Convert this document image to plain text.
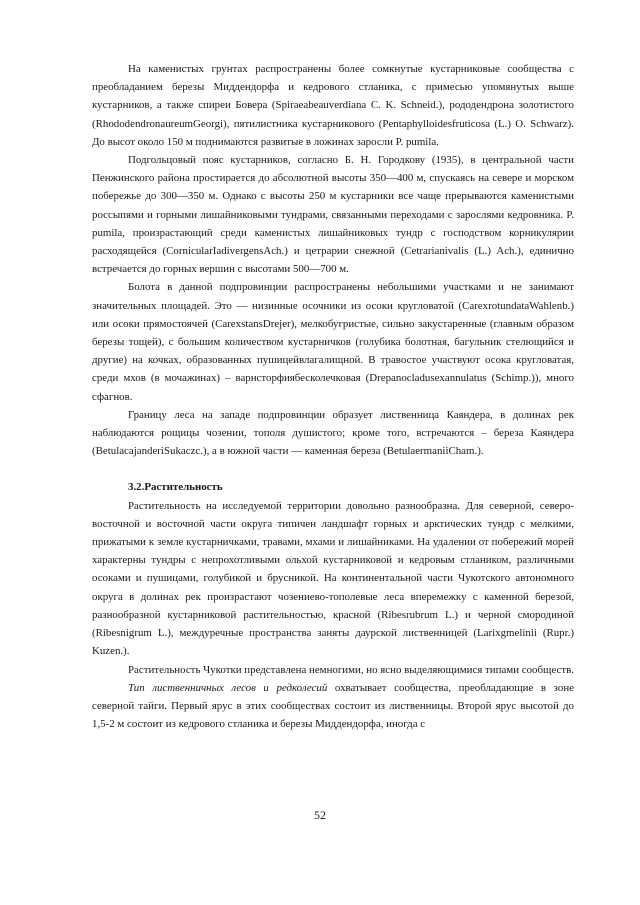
На каменистых грунтах распространены более сомкнутые кустарниковые сообщества с преобладанием березы Миддендорфа и кедрового стланика, с примесью упомянутых выше кустарников, а также спиреи Бовера (Spiraeabeauverdiana C. K. Schneid.), рододендрона золотистого (RhododendronaureumGeorgi), пятилистника кустарникового (Pentaphylloidesfruticosa (L.) O. Schwarz). До высот около 150 м поднимаются развитые в ложинах заросли P. pumila.

Подгольцовый пояс кустарников, согласно Б. Н. Городкову (1935), в центральной части Пенжинского района простирается до абсолютной высоты 350—400 м, спускаясь на севере и морском побережье до 300—350 м. Однако с высоты 250 м кустарники все чаще прерываются каменистыми россыпями и горными лишайниковыми тундрами, связанными переходами с зарослями кедровника. P. pumila, произрастающий среди каменистых лишайниковых тундр с господством корникулярии расходящейся (CornicularIadivergensAch.) и цетрарии снежной (Cetrarianivalis (L.) Ach.), единично встречается до горных вершин с высотами 500—700 м.

Болота в данной подпровинции распространены небольшими участками и не занимают значительных площадей. Это — низинные осочники из осоки кругловатой (CarexrotundataWahlenb.) или осоки прямостоячей (CarexstansDrejer), мелкобугристые, сильно закустаренные (главным образом березы тощей), с большим количеством кустарничков (голубика болотная, багульник стелющийся и другие) на кочках, образованных пушицейвлагалищной. В травостое участвуют осока кругловатая, среди мхов (в мочажинах) – варнсторфиябесколечковая (Drepanocladusexannulatus (Schimp.)), много сфагнов.

Границу леса на западе подпровинции образует лиственница Каяндера, в долинах рек наблюдаются рощицы чозении, тополя душистого; кроме того, встречаются – береза Каяндера (BetulacajanderiSukaczc.), а в южной части — каменная береза (BetulaermaniiCham.).

3.2.Растительность

Растительность на исследуемой территории довольно разнообразна. Для северной, северо-восточной и восточной части округа типичен ландшафт горных и арктических тундр с мелкими, прижатыми к земле кустарничками, травами, мхами и лишайниками. На удалении от побережий морей характерны тундры с непрохотливыми ольхой кустарниковой и кедровым стлаником, различными осоками и пушицами, голубикой и брусникой. На континентальной части Чукотского автономного округа в долинах рек произрастают чозениево-тополевые леса вперемежку с каменной березой, разнообразной кустарниковой растительностью, красной (Ribesrubrum L.) и черной смородиной (Ribesnigrum L.), междуречные пространства заняты даурской лиственницей (Larixgmelinii (Rupr.) Kuzen.).

Растительность Чукотки представлена немногими, но ясно выделяющимися типами сообществ.

Тип лиственничных лесов и редколесий охватывает сообщества, преобладающие в зоне северной тайги. Первый ярус в этих сообществах состоит из лиственницы. Второй ярус высотой до 1,5-2 м состоит из кедрового стланика и березы Миддендорфа, иногда с

52
